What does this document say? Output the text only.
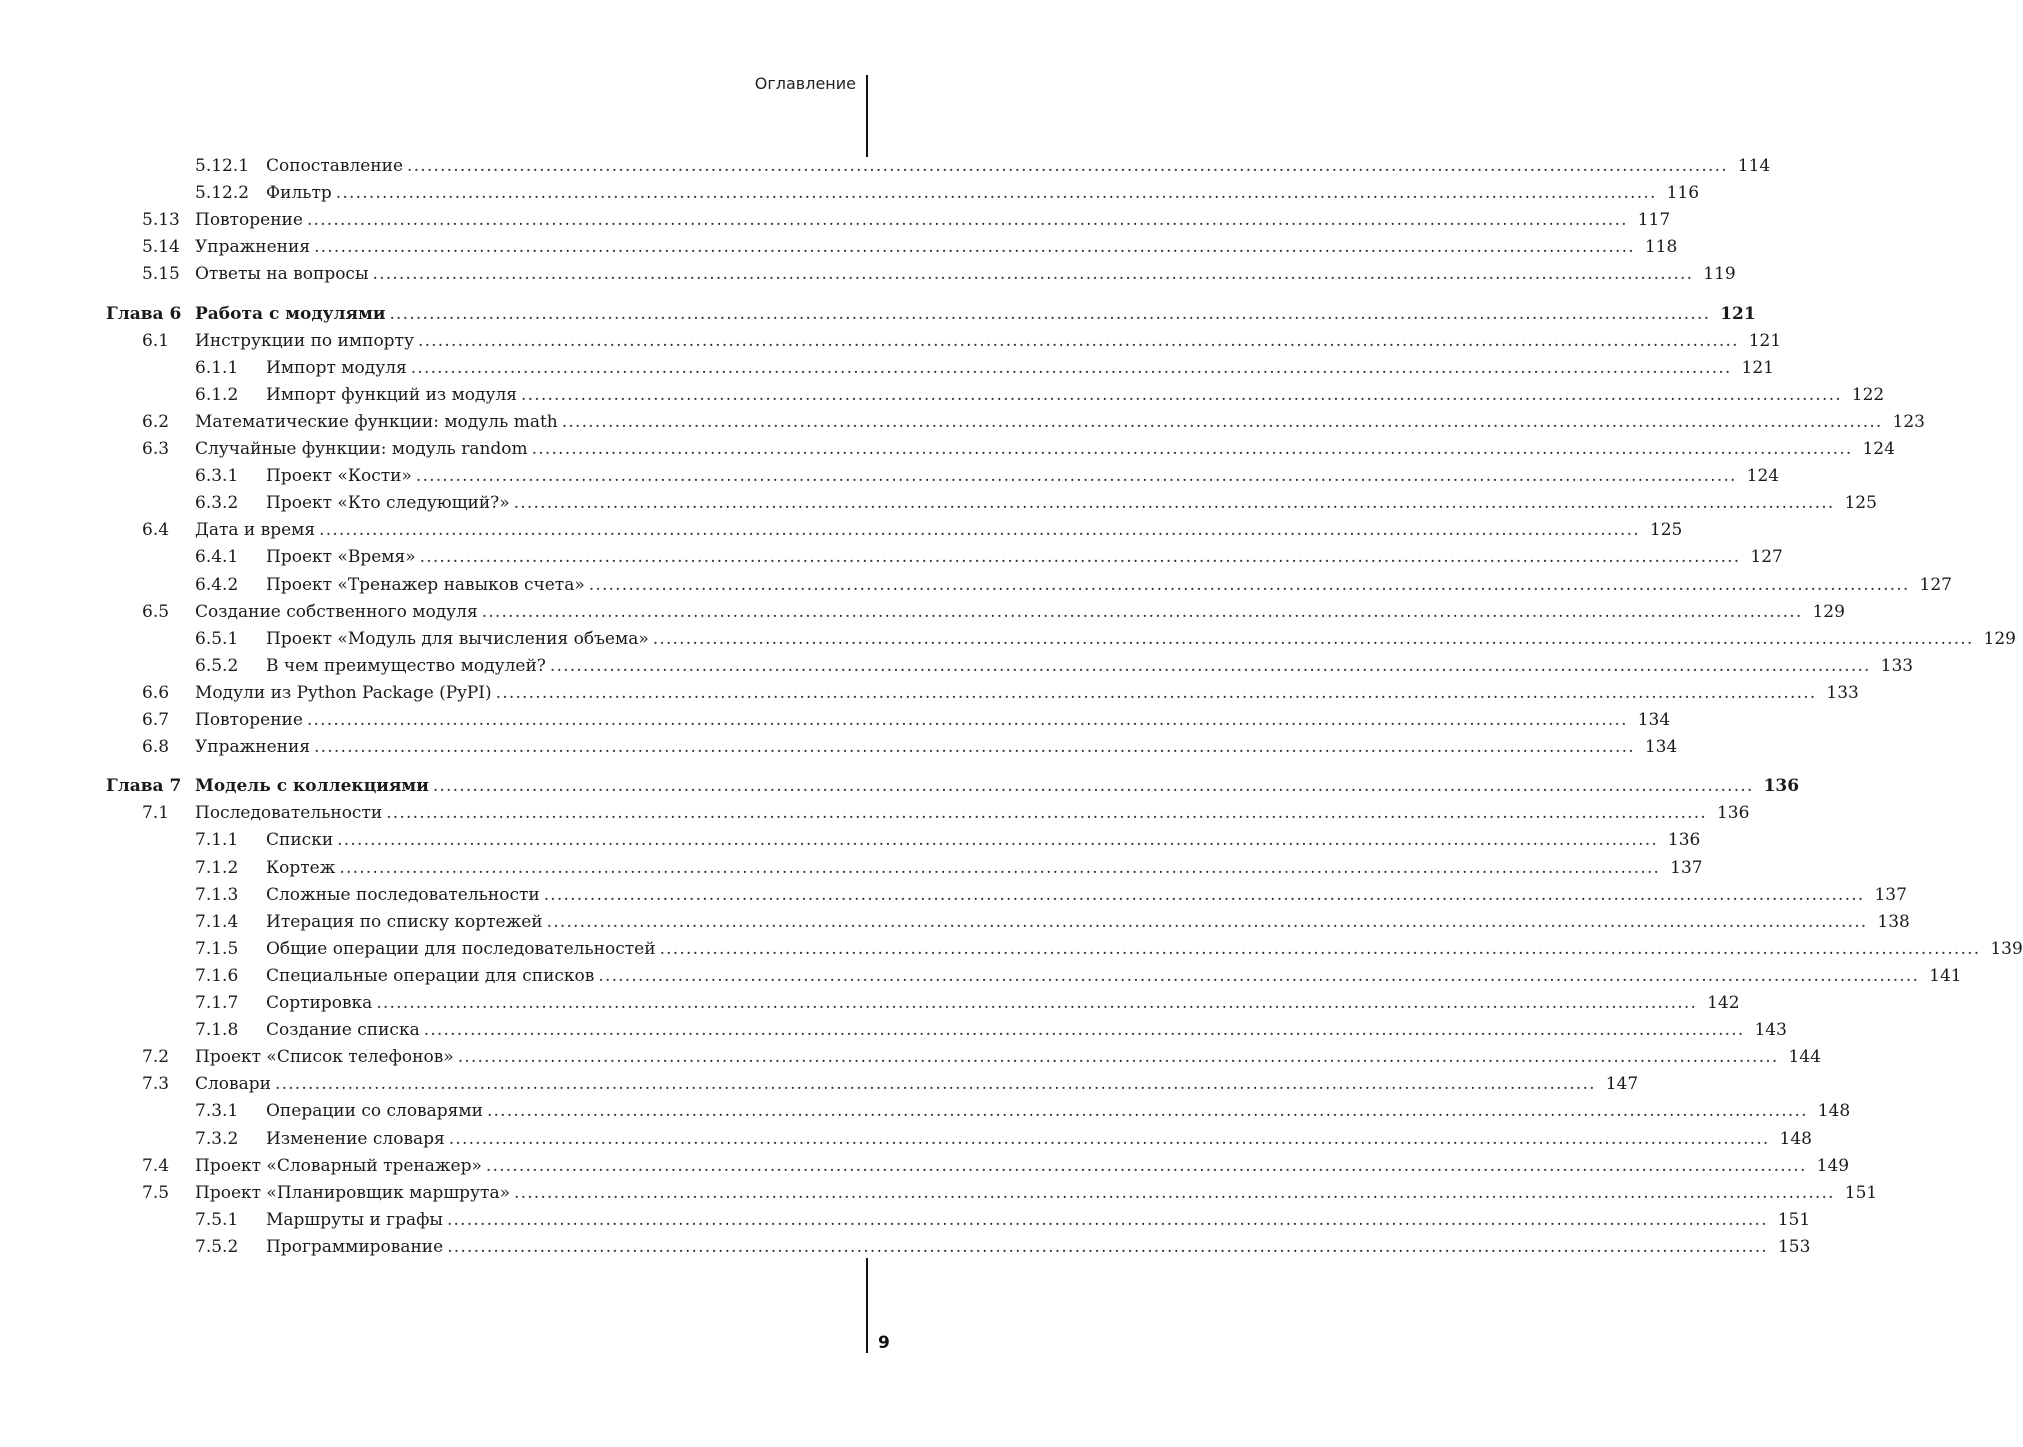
Оглавление
5.12.1 Сопоставление ........................................................................................................................................................................................................ 114
5.12.2 Фильтр ........................................................................................................................................................................................................ 116
5.13 Повторение ........................................................................................................................................................................................................ 117
5.14 Упражнения ........................................................................................................................................................................................................ 118
5.15 Ответы на вопросы ........................................................................................................................................................................................................ 119
Глава 6 Работа с модулями ........................................................................................................................................................................................................ 121
6.1 Инструкции по импорту ........................................................................................................................................................................................................ 121
6.1.1 Импорт модуля ........................................................................................................................................................................................................ 121
6.1.2 Импорт функций из модуля ........................................................................................................................................................................................................ 122
6.2 Математические функции: модуль math ........................................................................................................................................................................................................ 123
6.3 Случайные функции: модуль random ........................................................................................................................................................................................................ 124
6.3.1 Проект «Кости» ........................................................................................................................................................................................................ 124
6.3.2 Проект «Кто следующий?» ........................................................................................................................................................................................................ 125
6.4 Дата и время ........................................................................................................................................................................................................ 125
6.4.1 Проект «Время» ........................................................................................................................................................................................................ 127
6.4.2 Проект «Тренажер навыков счета» ........................................................................................................................................................................................................ 127
6.5 Создание собственного модуля ........................................................................................................................................................................................................ 129
6.5.1 Проект «Модуль для вычисления объема» ........................................................................................................................................................................................................ 129
6.5.2 В чем преимущество модулей? ........................................................................................................................................................................................................ 133
6.6 Модули из Python Package (PyPI) ........................................................................................................................................................................................................ 133
6.7 Повторение ........................................................................................................................................................................................................ 134
6.8 Упражнения ........................................................................................................................................................................................................ 134
Глава 7 Модель с коллекциями ........................................................................................................................................................................................................ 136
7.1 Последовательности ........................................................................................................................................................................................................ 136
7.1.1 Списки ........................................................................................................................................................................................................ 136
7.1.2 Кортеж ........................................................................................................................................................................................................ 137
7.1.3 Сложные последовательности ........................................................................................................................................................................................................ 137
7.1.4 Итерация по списку кортежей ........................................................................................................................................................................................................ 138
7.1.5 Общие операции для последовательностей ........................................................................................................................................................................................................ 139
7.1.6 Специальные операции для списков ........................................................................................................................................................................................................ 141
7.1.7 Сортировка ........................................................................................................................................................................................................ 142
7.1.8 Создание списка ........................................................................................................................................................................................................ 143
7.2 Проект «Список телефонов» ........................................................................................................................................................................................................ 144
7.3 Словари ........................................................................................................................................................................................................ 147
7.3.1 Операции со словарями ........................................................................................................................................................................................................ 148
7.3.2 Изменение словаря ........................................................................................................................................................................................................ 148
7.4 Проект «Словарный тренажер» ........................................................................................................................................................................................................ 149
7.5 Проект «Планировщик маршрута» ........................................................................................................................................................................................................ 151
7.5.1 Маршруты и графы ........................................................................................................................................................................................................ 151
7.5.2 Программирование ........................................................................................................................................................................................................ 153
9
